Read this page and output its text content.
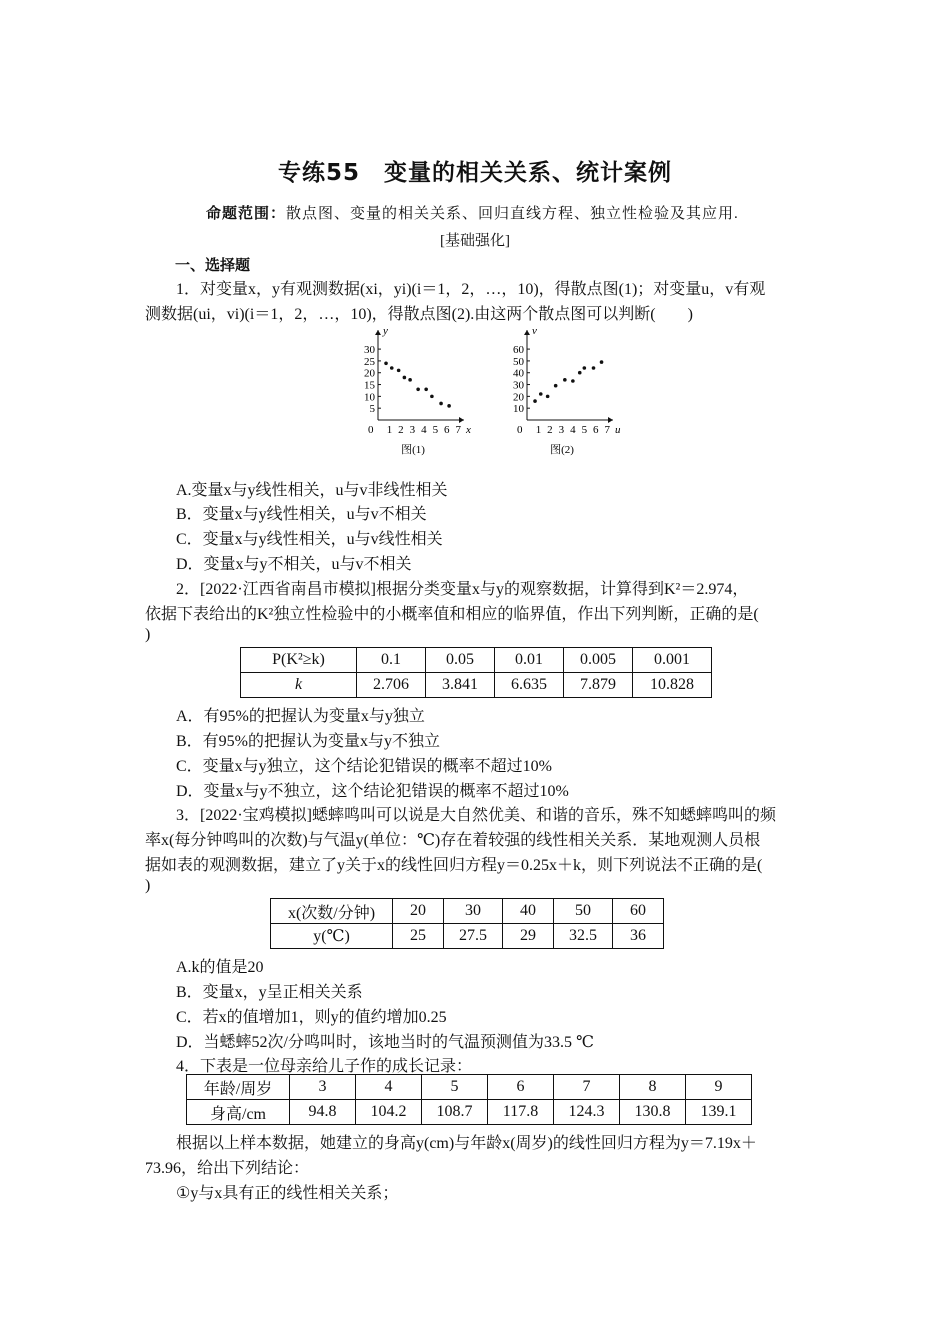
专练55　变量的相关关系、统计案例
命题范围：散点图、变量的相关关系、回归直线方程、独立性检验及其应用.
[基础强化]
一、选择题
1．对变量x，y有观测数据(xi，yi)(i＝1，2，…，10)，得散点图(1)；对变量u，v有观
测数据(ui，vi)(i＝1，2，…，10)，得散点图(2).由这两个散点图可以判断(　　)
x
y
0 1 2 3 4 5 6 7
5
10
15
20
25
30
图(1)
u
v
0 1 2 3 4 5 6 7
10
20
30
40
50
60
图(2)
A.变量x与y线性相关，u与v非线性相关
B．变量x与y线性相关，u与v不相关
C．变量x与y线性相关，u与v线性相关
D．变量x与y不相关，u与v不相关
2．[2022·江西省南昌市模拟]根据分类变量x与y的观察数据，计算得到K²＝2.974，
依据下表给出的K²独立性检验中的小概率值和相应的临界值，作出下列判断，正确的是(
)
P(K²≥k)	0.1	0.05	0.01	0.005	0.001
k	2.706	3.841	6.635	7.879	10.828
A．有95%的把握认为变量x与y独立
B．有95%的把握认为变量x与y不独立
C．变量x与y独立，这个结论犯错误的概率不超过10%
D．变量x与y不独立，这个结论犯错误的概率不超过10%
3．[2022·宝鸡模拟]蟋蟀鸣叫可以说是大自然优美、和谐的音乐，殊不知蟋蟀鸣叫的频
率x(每分钟鸣叫的次数)与气温y(单位：℃)存在着较强的线性相关关系．某地观测人员根
据如表的观测数据，建立了y关于x的线性回归方程y＝0.25x＋k，则下列说法不正确的是(
)
x(次数/分钟)	20	30	40	50	60
y(℃)	25	27.5	29	32.5	36
A.k的值是20
B．变量x，y呈正相关关系
C．若x的值增加1，则y的值约增加0.25
D．当蟋蟀52次/分鸣叫时，该地当时的气温预测值为33.5 ℃
4．下表是一位母亲给儿子作的成长记录：
年龄/周岁	3	4	5	6	7	8	9
身高/cm	94.8	104.2	108.7	117.8	124.3	130.8	139.1
根据以上样本数据，她建立的身高y(cm)与年龄x(周岁)的线性回归方程为y＝7.19x＋
73.96，给出下列结论：
①y与x具有正的线性相关关系；
